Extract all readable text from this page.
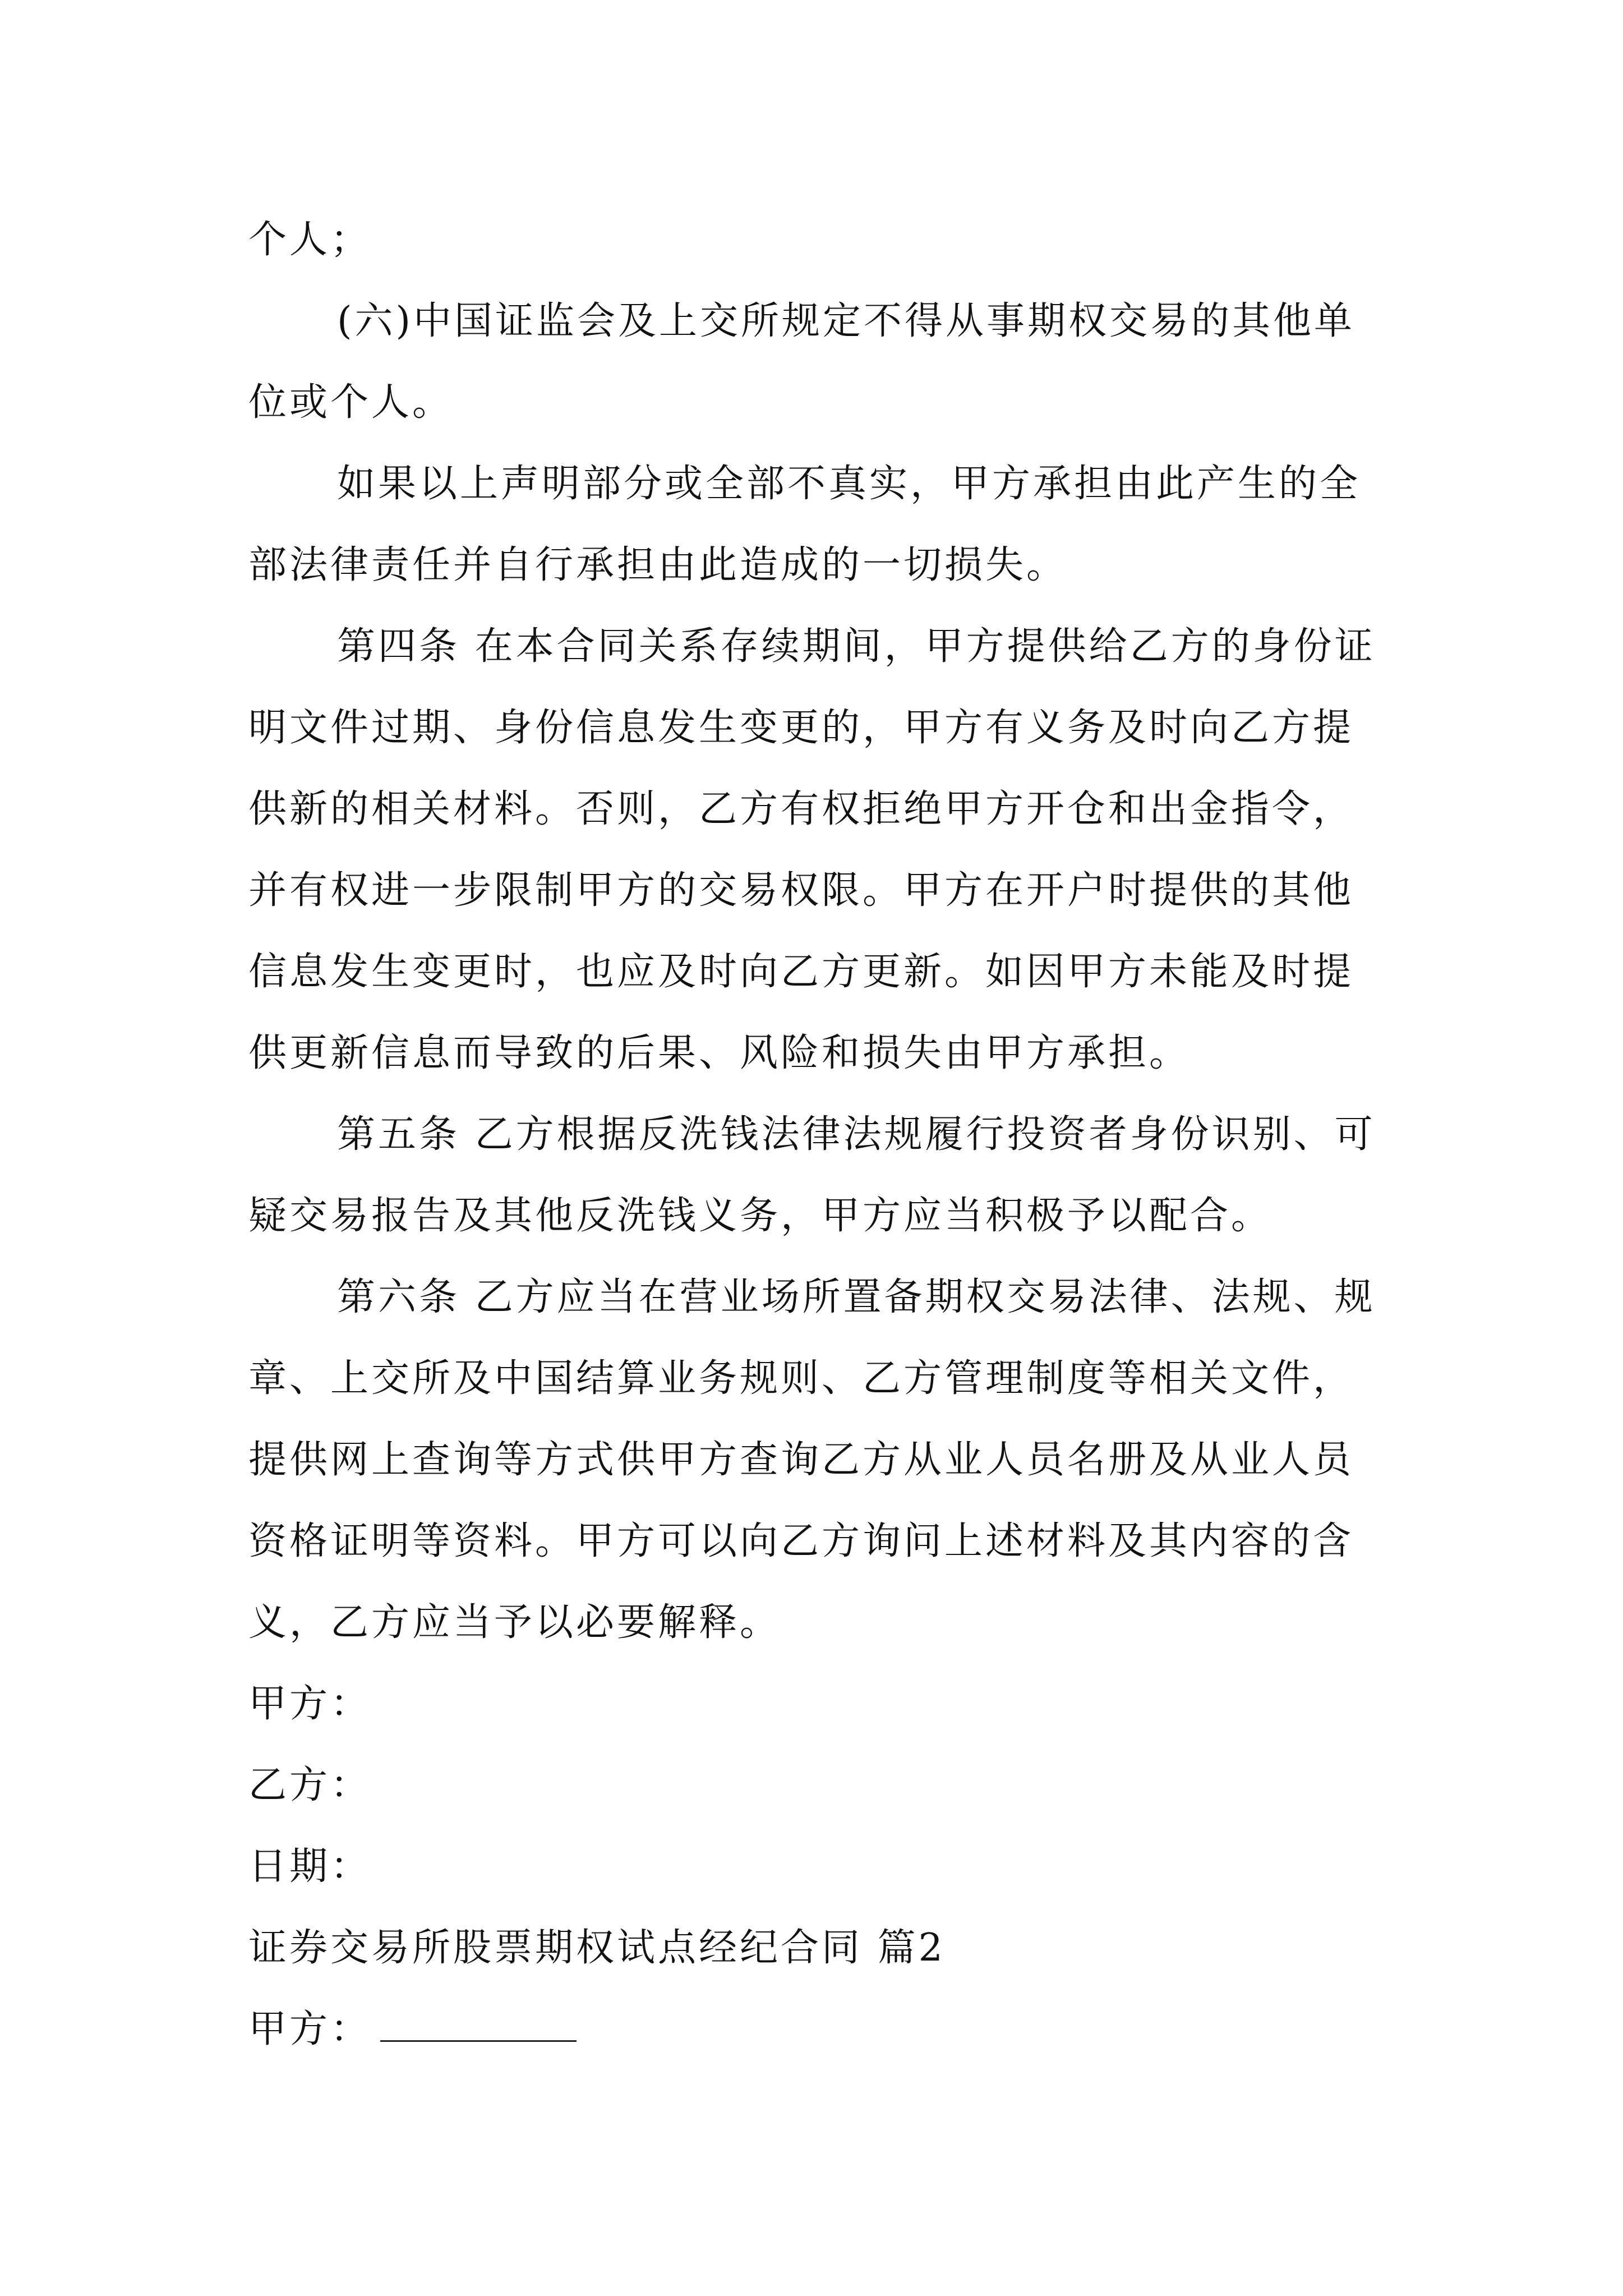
个人；

(六)中国证监会及上交所规定不得从事期权交易的其他单位或个人。

如果以上声明部分或全部不真实，甲方承担由此产生的全部法律责任并自行承担由此造成的一切损失。

第四条 在本合同关系存续期间，甲方提供给乙方的身份证明文件过期、身份信息发生变更的，甲方有义务及时向乙方提供新的相关材料。否则，乙方有权拒绝甲方开仓和出金指令，并有权进一步限制甲方的交易权限。甲方在开户时提供的其他信息发生变更时，也应及时向乙方更新。如因甲方未能及时提供更新信息而导致的后果、风险和损失由甲方承担。

第五条 乙方根据反洗钱法律法规履行投资者身份识别、可疑交易报告及其他反洗钱义务，甲方应当积极予以配合。

第六条 乙方应当在营业场所置备期权交易法律、法规、规章、上交所及中国结算业务规则、乙方管理制度等相关文件，提供网上查询等方式供甲方查询乙方从业人员名册及从业人员资格证明等资料。甲方可以向乙方询问上述材料及其内容的含义，乙方应当予以必要解释。

甲方：

乙方：

日期：

证券交易所股票期权试点经纪合同 篇2

甲方：
